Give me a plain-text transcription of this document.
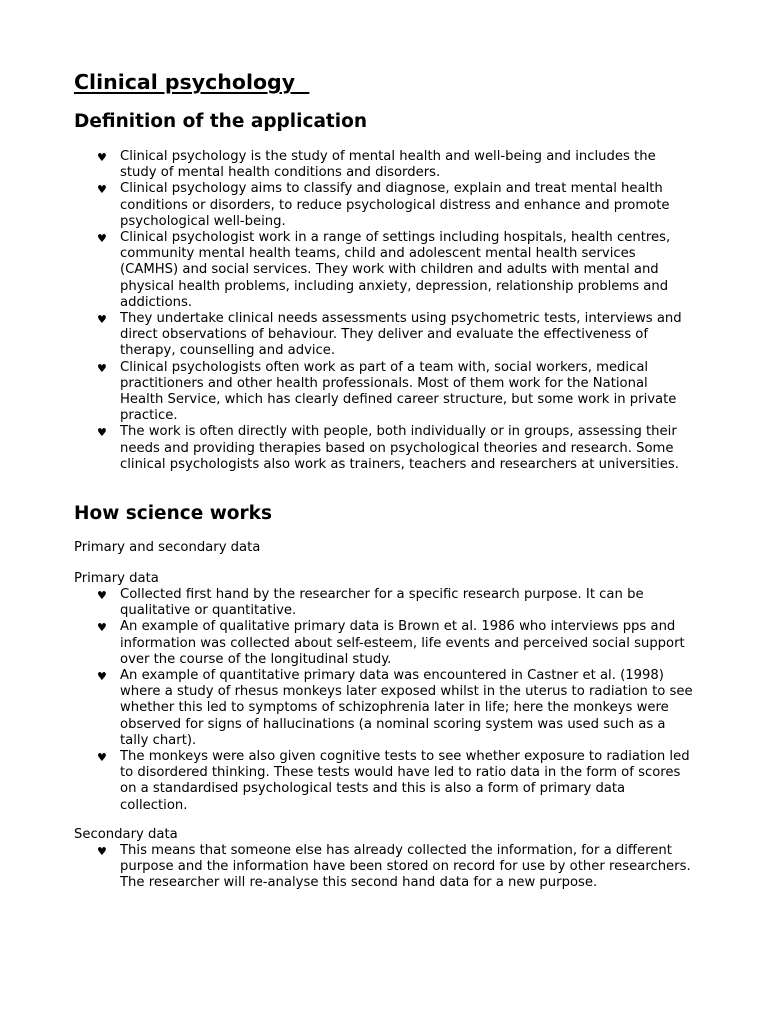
Clinical psychology
Definition of the application
♥ Clinical psychology is the study of mental health and well-being and includes the study of mental health conditions and disorders.
♥ Clinical psychology aims to classify and diagnose, explain and treat mental health conditions or disorders, to reduce psychological distress and enhance and promote psychological well-being.
♥ Clinical psychologist work in a range of settings including hospitals, health centres, community mental health teams, child and adolescent mental health services (CAMHS) and social services. They work with children and adults with mental and physical health problems, including anxiety, depression, relationship problems and addictions.
♥ They undertake clinical needs assessments using psychometric tests, interviews and direct observations of behaviour. They deliver and evaluate the effectiveness of therapy, counselling and advice.
♥ Clinical psychologists often work as part of a team with, social workers, medical practitioners and other health professionals. Most of them work for the National Health Service, which has clearly defined career structure, but some work in private practice.
♥ The work is often directly with people, both individually or in groups, assessing their needs and providing therapies based on psychological theories and research. Some clinical psychologists also work as trainers, teachers and researchers at universities.
How science works

Primary and secondary data

Primary data

♥ Collected first hand by the researcher for a specific research purpose. It can be qualitative or quantitative.
♥ An example of qualitative primary data is Brown et al. 1986 who interviews pps and information was collected about self-esteem, life events and perceived social support over the course of the longitudinal study.
♥ An example of quantitative primary data was encountered in Castner et al. (1998) where a study of rhesus monkeys later exposed whilst in the uterus to radiation to see whether this led to symptoms of schizophrenia later in life; here the monkeys were observed for signs of hallucinations (a nominal scoring system was used such as a tally chart).
♥ The monkeys were also given cognitive tests to see whether exposure to radiation led to disordered thinking. These tests would have led to ratio data in the form of scores on a standardised psychological tests and this is also a form of primary data collection.

Secondary data

♥ This means that someone else has already collected the information, for a different purpose and the information have been stored on record for use by other researchers. The researcher will re-analyse this second hand data for a new purpose.
